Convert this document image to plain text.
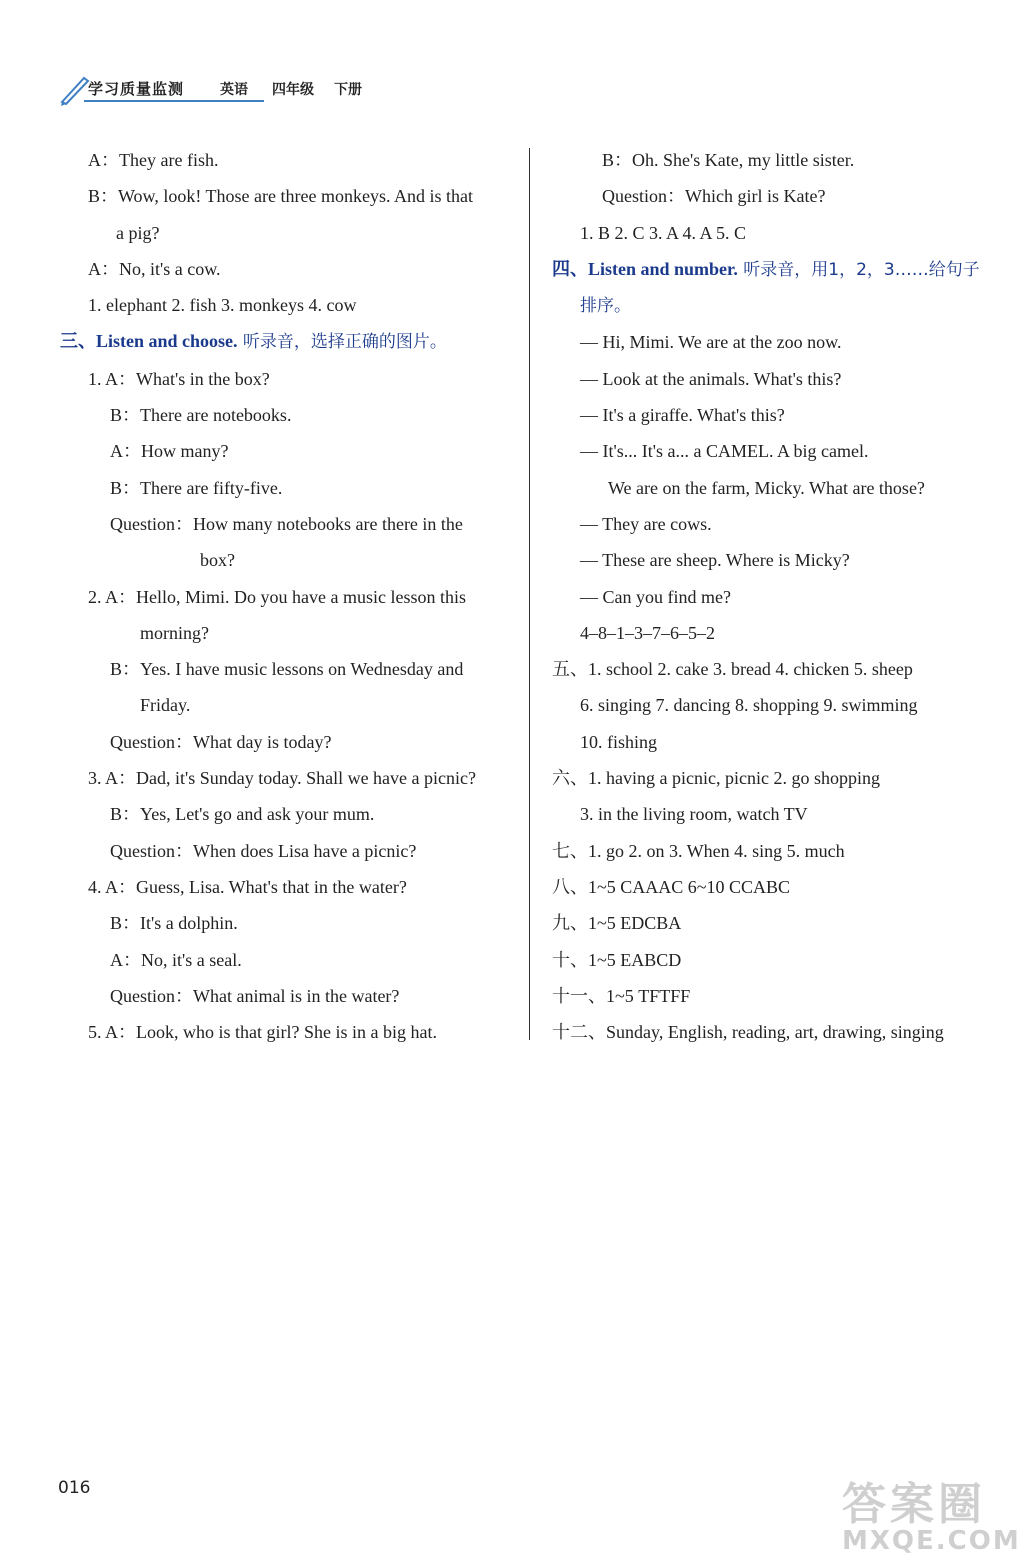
学习质量监测	英语 四年级 下册
A：They are fish.
B：Wow, look! Those are three monkeys. And is that
a pig?
A：No, it's a cow.
1. elephant 2. fish 3. monkeys 4. cow
三、Listen and choose. 听录音，选择正确的图片。
1. A：What's in the box?
B：There are notebooks.
A：How many?
B：There are fifty-five.
Question：How many notebooks are there in the
box?
2. A：Hello, Mimi. Do you have a music lesson this
morning?
B：Yes. I have music lessons on Wednesday and
Friday.
Question：What day is today?
3. A：Dad, it's Sunday today. Shall we have a picnic?
B：Yes, Let's go and ask your mum.
Question：When does Lisa have a picnic?
4. A：Guess, Lisa. What's that in the water?
B：It's a dolphin.
A：No, it's a seal.
Question：What animal is in the water?
5. A：Look, who is that girl? She is in a big hat.
B：Oh. She's Kate, my little sister.
Question：Which girl is Kate?
1. B 2. C 3. A 4. A 5. C
四、Listen and number. 听录音，用1，2，3……给句子
排序。
— Hi, Mimi. We are at the zoo now.
— Look at the animals. What's this?
— It's a giraffe. What's this?
— It's... It's a... a CAMEL. A big camel.
We are on the farm, Micky. What are those?
— They are cows.
— These are sheep. Where is Micky?
— Can you find me?
4–8–1–3–7–6–5–2
五、1. school 2. cake 3. bread 4. chicken 5. sheep
6. singing 7. dancing 8. shopping 9. swimming
10. fishing
六、1. having a picnic, picnic 2. go shopping
3. in the living room, watch TV
七、1. go 2. on 3. When 4. sing 5. much
八、1~5 CAAAC 6~10 CCABC
九、1~5 EDCBA
十、1~5 EABCD
十一、1~5 TFTFF
十二、Sunday, English, reading, art, drawing, singing
016	答案圈
MXQE.COM
